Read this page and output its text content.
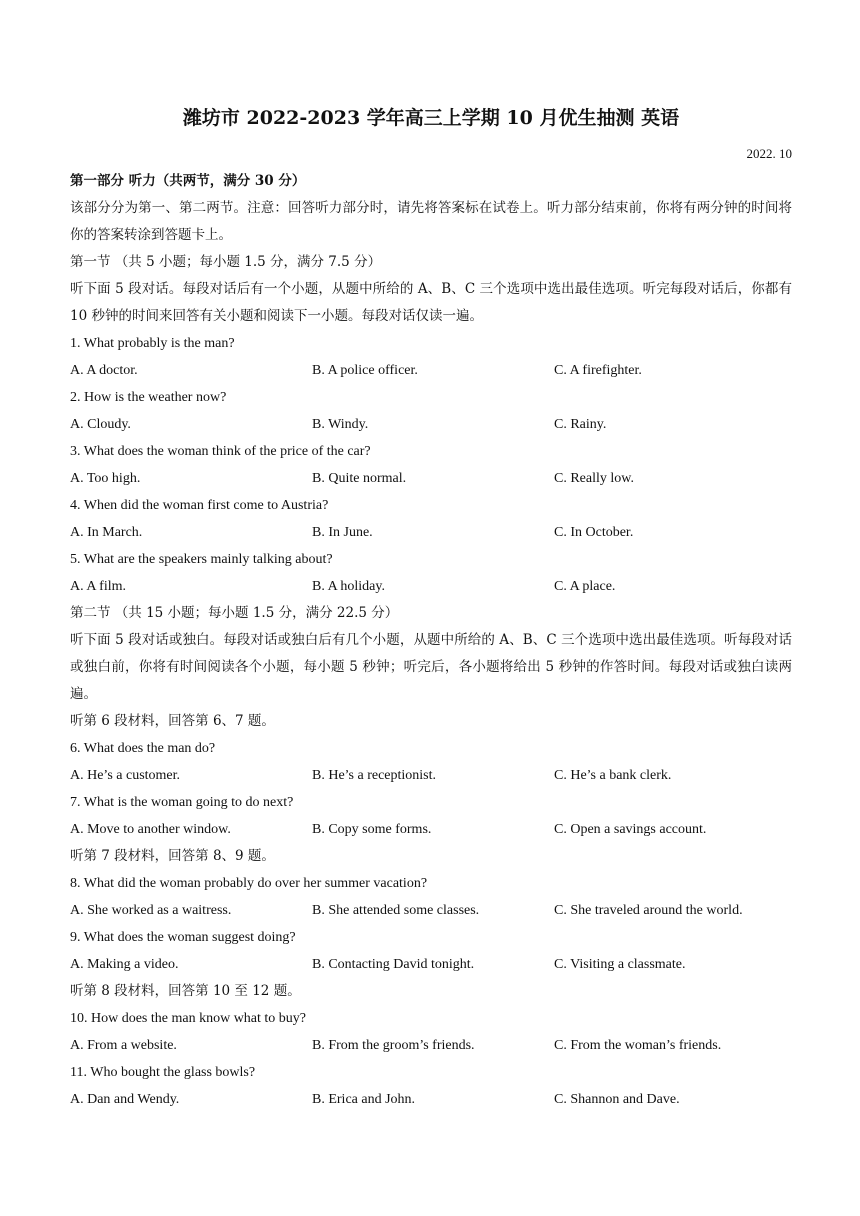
潍坊市 2022-2023 学年高三上学期 10 月优生抽测 英语
2022. 10
第一部分 听力（共两节，满分 30 分）
该部分分为第一、第二两节。注意：回答听力部分时，请先将答案标在试卷上。听力部分结束前，你将有两分钟的时间将你的答案转涂到答题卡上。
第一节 （共 5 小题；每小题 1.5 分，满分 7.5 分）
听下面 5 段对话。每段对话后有一个小题，从题中所给的 A、B、C 三个选项中选出最佳选项。听完每段对话后，你都有 10 秒钟的时间来回答有关小题和阅读下一小题。每段对话仅读一遍。
1. What probably is the man?
A. A doctor.	B. A police officer.	C. A firefighter.
2. How is the weather now?
A. Cloudy.	B. Windy.	C. Rainy.
3. What does the woman think of the price of the car?
A. Too high.	B. Quite normal.	C. Really low.
4. When did the woman first come to Austria?
A. In March.	B. In June.	C. In October.
5. What are the speakers mainly talking about?
A. A film.	B. A holiday.	C. A place.
第二节 （共 15 小题；每小题 1.5 分，满分 22.5 分）
听下面 5 段对话或独白。每段对话或独白后有几个小题，从题中所给的 A、B、C 三个选项中选出最佳选项。听每段对话或独白前，你将有时间阅读各个小题，每小题 5 秒钟；听完后，各小题将给出 5 秒钟的作答时间。每段对话或独白读两遍。
听第 6 段材料，回答第 6、7 题。
6. What does the man do?
A. He’s a customer.	B. He’s a receptionist.	C. He’s a bank clerk.
7. What is the woman going to do next?
A. Move to another window.	B. Copy some forms.	C. Open a savings account.
听第 7 段材料，回答第 8、9 题。
8. What did the woman probably do over her summer vacation?
A. She worked as a waitress.	B. She attended some classes.	C. She traveled around the world.
9. What does the woman suggest doing?
A. Making a video.	B. Contacting David tonight.	C. Visiting a classmate.
听第 8 段材料，回答第 10 至 12 题。
10. How does the man know what to buy?
A. From a website.	B. From the groom’s friends.	C. From the woman’s friends.
11. Who bought the glass bowls?
A. Dan and Wendy.	B. Erica and John.	C. Shannon and Dave.
